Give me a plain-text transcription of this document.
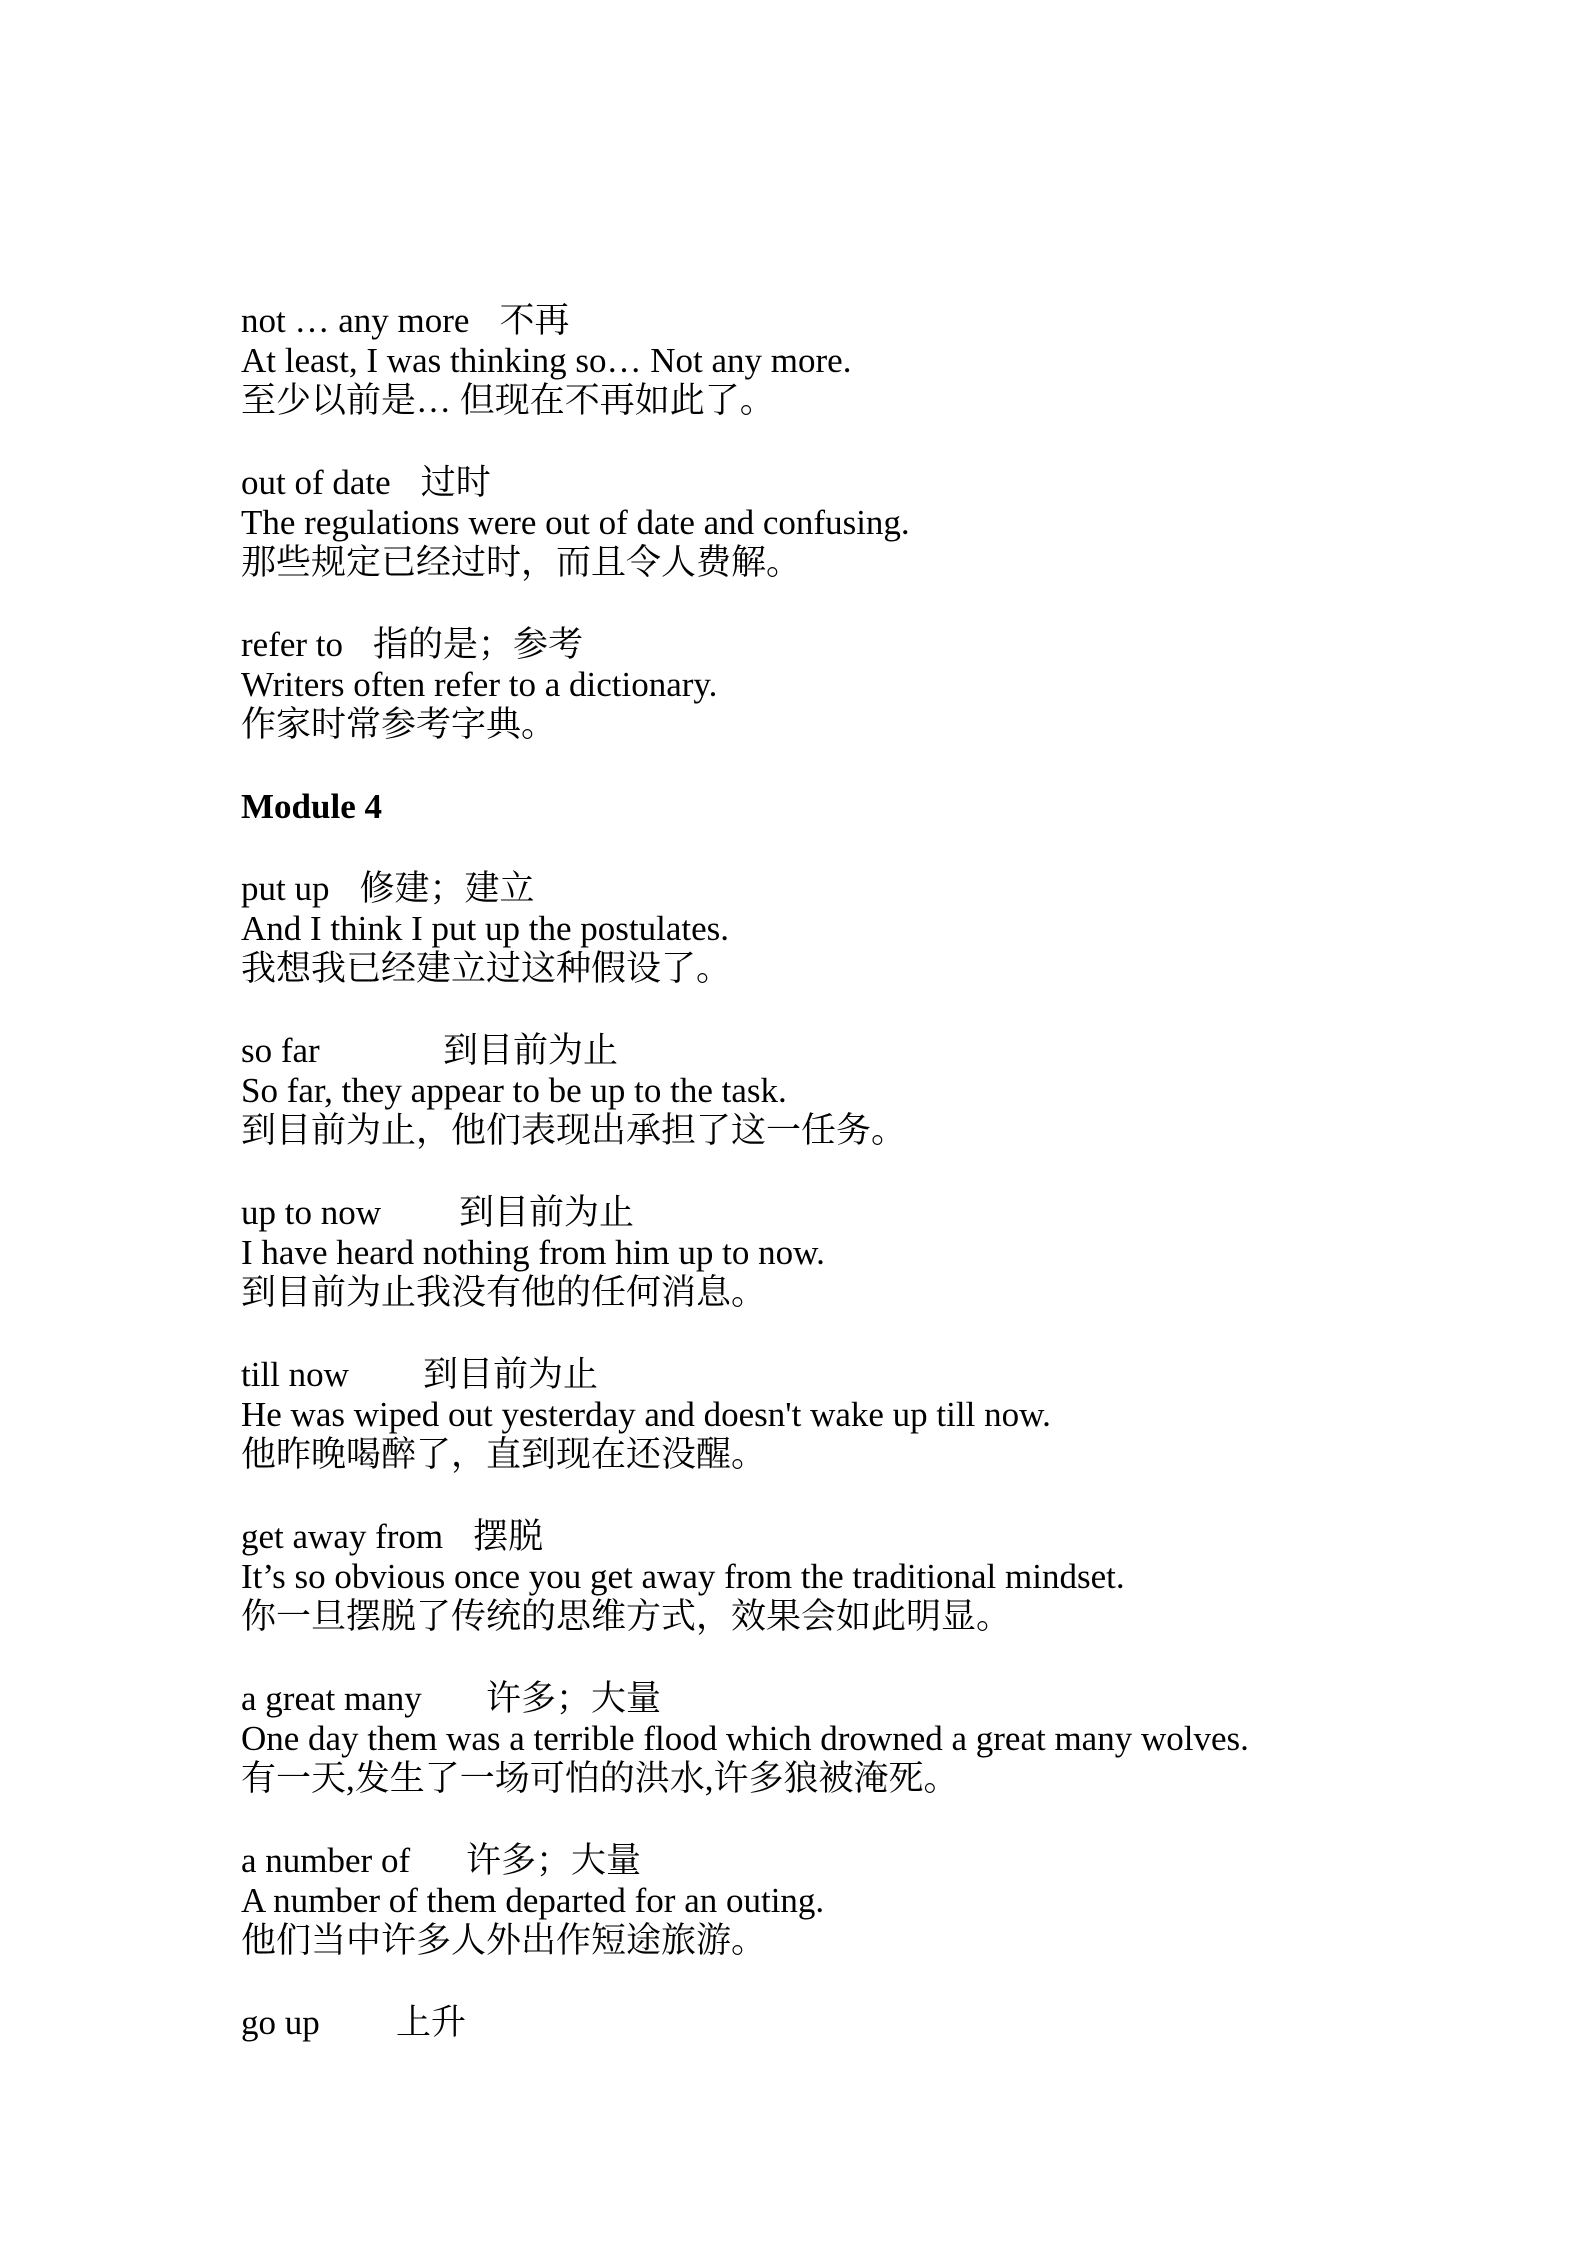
not … any more 不再
At least, I was thinking so… Not any more.
至少以前是… 但现在不再如此了。
out of date 过时
The regulations were out of date and confusing.
那些规定已经过时，而且令人费解。
refer to 指的是；参考
Writers often refer to a dictionary.
作家时常参考字典。
Module 4
put up 修建；建立
And I think I put up the postulates.
我想我已经建立过这种假设了。
so far	到目前为止
So far, they appear to be up to the task.
到目前为止，他们表现出承担了这一任务。
up to now 到目前为止
I have heard nothing from him up to now.
到目前为止我没有他的任何消息。
till now 到目前为止
He was wiped out yesterday and doesn't wake up till now.
他昨晚喝醉了，直到现在还没醒。
get away from 摆脱
It’s so obvious once you get away from the traditional mindset.
你一旦摆脱了传统的思维方式，效果会如此明显。
a great many 许多；大量
One day them was a terrible flood which drowned a great many wolves.
有一天,发生了一场可怕的洪水,许多狼被淹死。
a number of 许多；大量
A number of them departed for an outing.
他们当中许多人外出作短途旅游。
go up 上升
